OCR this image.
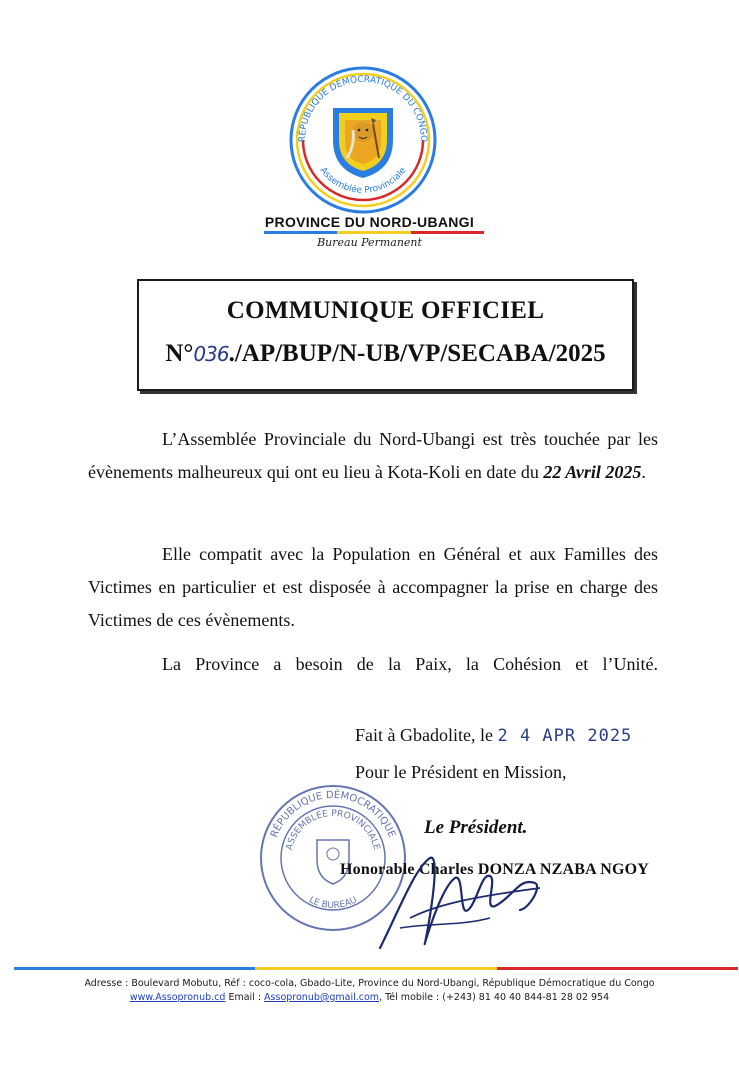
RÉPUBLIQUE DÉMOCRATIQUE DU CONGO
Assemblée Provinciale
PROVINCE DU NORD-UBANGI
Bureau Permanent
COMMUNIQUE OFFICIEL
N°036./AP/BUP/N-UB/VP/SECABA/2025
L’Assemblée Provinciale du Nord-Ubangi est très touchée par les évènements malheureux qui ont eu lieu à Kota-Koli en date du 22 Avril 2025.
Elle compatit avec la Population en Général et aux Familles des Victimes en particulier et est disposée à accompagner la prise en charge des Victimes de ces évènements.
La Province a besoin de la Paix, la Cohésion et l’Unité.
RÉPUBLIQUE DÉMOCRATIQUE
ASSEMBLÉE PROVINCIALE
LE BUREAU
Fait à Gbadolite, le 2 4 APR 2025
Pour le Président en Mission,
Le Président.
Honorable Charles DONZA NZABA NGOY
Adresse : Boulevard Mobutu, Réf : coco-cola, Gbado-Lite, Province du Nord-Ubangi, République Démocratique du Congo
www.Assopronub.cd Email : Assopronub@gmail.com, Tél mobile : (+243) 81 40 40 844-81 28 02 954
